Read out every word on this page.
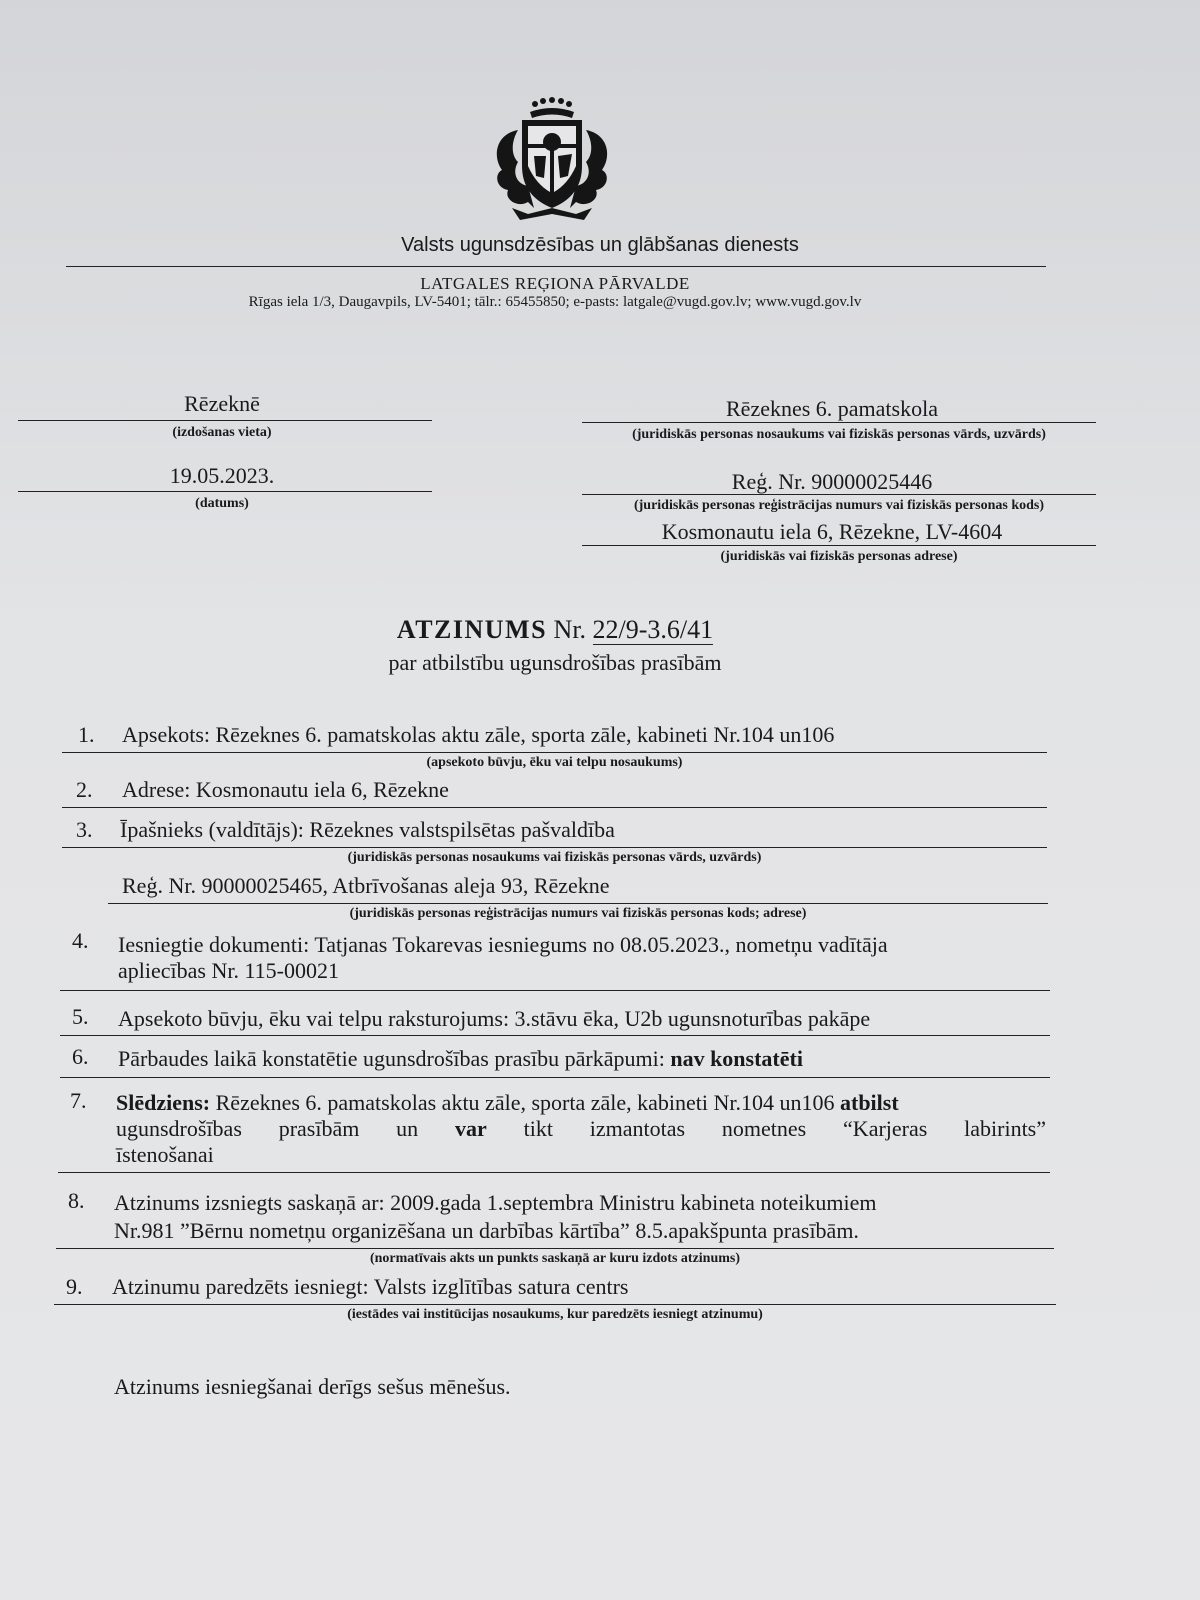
Valsts ugunsdzēsības un glābšanas dienests
LATGALES REĢIONA PĀRVALDE
Rīgas iela 1/3, Daugavpils, LV-5401; tālr.: 65455850; e-pasts: latgale@vugd.gov.lv; www.vugd.gov.lv
Rēzeknē
(izdošanas vieta)
19.05.2023.
(datums)
Rēzeknes 6. pamatskola
(juridiskās personas nosaukums vai fiziskās personas vārds, uzvārds)
Reģ. Nr. 90000025446
(juridiskās personas reģistrācijas numurs vai fiziskās personas kods)
Kosmonautu iela 6, Rēzekne, LV-4604
(juridiskās vai fiziskās personas adrese)
ATZINUMS Nr. 22/9-3.6/41
par atbilstību ugunsdrošības prasībām
1. Apsekots: Rēzeknes 6. pamatskolas aktu zāle, sporta zāle, kabineti Nr.104 un106
(apsekoto būvju, ēku vai telpu nosaukums)
2. Adrese: Kosmonautu iela 6, Rēzekne
3. Īpašnieks (valdītājs): Rēzeknes valstspilsētas pašvaldība
(juridiskās personas nosaukums vai fiziskās personas vārds, uzvārds)
Reģ. Nr. 90000025465, Atbrīvošanas aleja 93, Rēzekne
(juridiskās personas reģistrācijas numurs vai fiziskās personas kods; adrese)
4. Iesniegtie dokumenti: Tatjanas Tokarevas iesniegums no 08.05.2023., nometņu vadītāja
apliecības Nr. 115-00021
5. Apsekoto būvju, ēku vai telpu raksturojums: 3.stāvu ēka, U2b ugunsnoturības pakāpe
6. Pārbaudes laikā konstatētie ugunsdrošības prasību pārkāpumi: nav konstatēti
7. Slēdziens: Rēzeknes 6. pamatskolas aktu zāle, sporta zāle, kabineti Nr.104 un106 atbilst
ugunsdrošības prasībām un var tikt izmantotas nometnes “Karjeras labirints”
īstenošanai
8. Atzinums izsniegts saskaņā ar: 2009.gada 1.septembra Ministru kabineta noteikumiem
Nr.981 ”Bērnu nometņu organizēšana un darbības kārtība” 8.5.apakšpunta prasībām.
(normatīvais akts un punkts saskaņā ar kuru izdots atzinums)
9. Atzinumu paredzēts iesniegt: Valsts izglītības satura centrs
(iestādes vai institūcijas nosaukums, kur paredzēts iesniegt atzinumu)
Atzinums iesniegšanai derīgs sešus mēnešus.
